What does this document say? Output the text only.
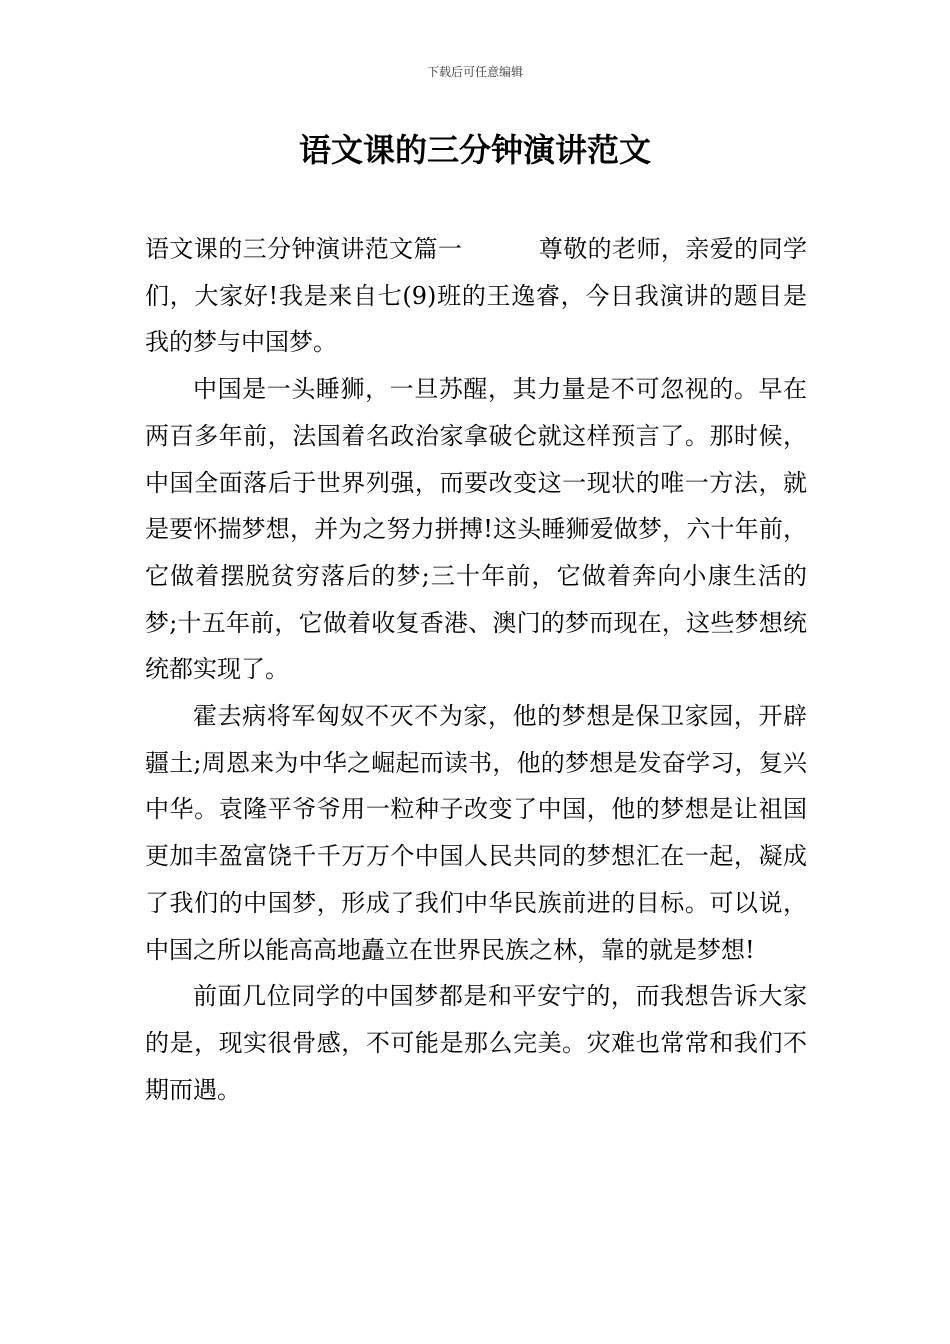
下载后可任意编辑
语文课的三分钟演讲范文

语文课的三分钟演讲范文篇一	尊敬的老师，亲爱的同学们，大家好!我是来自七(9)班的王逸睿，今日我演讲的题目是我的梦与中国梦。

中国是一头睡狮，一旦苏醒，其力量是不可忽视的。早在两百多年前，法国着名政治家拿破仑就这样预言了。那时候，中国全面落后于世界列强，而要改变这一现状的唯一方法，就是要怀揣梦想，并为之努力拼搏!这头睡狮爱做梦，六十年前，它做着摆脱贫穷落后的梦;三十年前，它做着奔向小康生活的梦;十五年前，它做着收复香港、澳门的梦而现在，这些梦想统统都实现了。

霍去病将军匈奴不灭不为家，他的梦想是保卫家园，开辟疆土;周恩来为中华之崛起而读书，他的梦想是发奋学习，复兴中华。袁隆平爷爷用一粒种子改变了中国，他的梦想是让祖国更加丰盈富饶千千万万个中国人民共同的梦想汇在一起，凝成了我们的中国梦，形成了我们中华民族前进的目标。可以说，中国之所以能高高地矗立在世界民族之林，靠的就是梦想!

前面几位同学的中国梦都是和平安宁的，而我想告诉大家的是，现实很骨感，不可能是那么完美。灾难也常常和我们不期而遇。
